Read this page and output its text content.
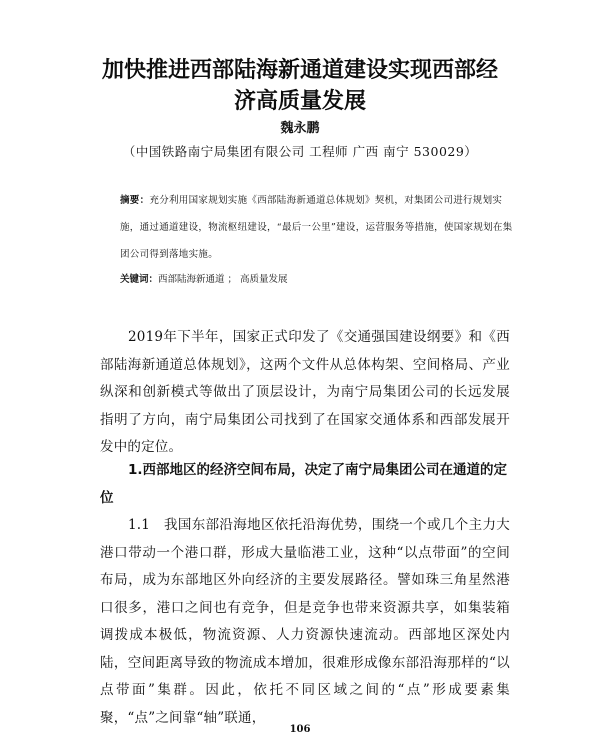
加快推进西部陆海新通道建设实现西部经济高质量发展
魏永鹏
（中国铁路南宁局集团有限公司 工程师 广西 南宁 530029）
摘要：充分利用国家规划实施《西部陆海新通道总体规划》契机，对集团公司进行规划实施，通过通道建设，物流枢纽建设，“最后一公里”建设，运营服务等措施，使国家规划在集团公司得到落地实施。
关键词：西部陆海新通道 ； 高质量发展
2019年下半年，国家正式印发了《交通强国建设纲要》和《西部陆海新通道总体规划》，这两个文件从总体构架、空间格局、产业纵深和创新模式等做出了顶层设计，为南宁局集团公司的长远发展指明了方向，南宁局集团公司找到了在国家交通体系和西部发展开发中的定位。
1.西部地区的经济空间布局，决定了南宁局集团公司在通道的定位
1.1　我国东部沿海地区依托沿海优势，围绕一个或几个主力大港口带动一个港口群，形成大量临港工业，这种“以点带面”的空间布局，成为东部地区外向经济的主要发展路径。譬如珠三角星然港口很多，港口之间也有竞争，但是竞争也带来资源共享，如集装箱调拨成本极低，物流资源、人力资源快速流动。西部地区深处内陆，空间距离导致的物流成本增加，很难形成像东部沿海那样的“以点带面”集群。因此，依托不同区域之间的“点”形成要素集聚，“点”之间靠“轴”联通，
106
